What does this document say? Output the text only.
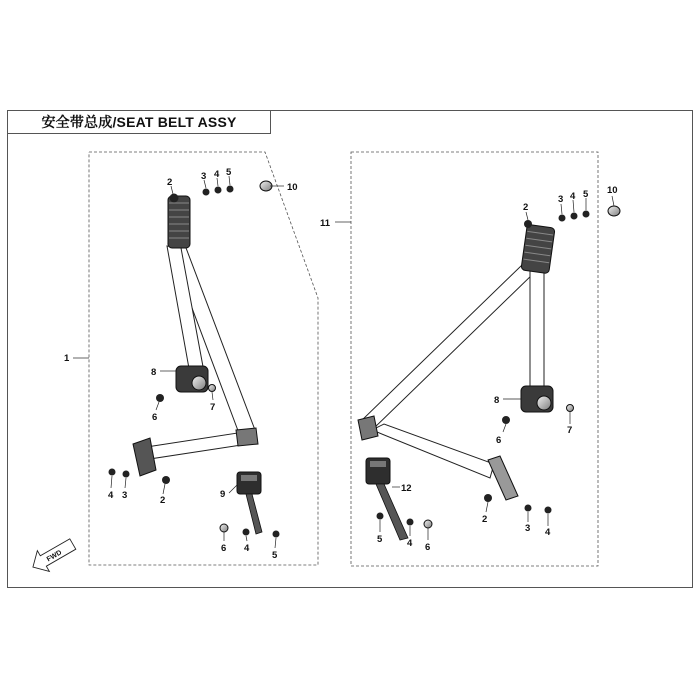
安全带总成/SEAT BELT ASSY
1
2
3 4 5
10
8
6
7
4 3	2
9
6 4
5
11
2
3 4 5 10
8
6
7
12
2
3 4
5	4 6
FWD
